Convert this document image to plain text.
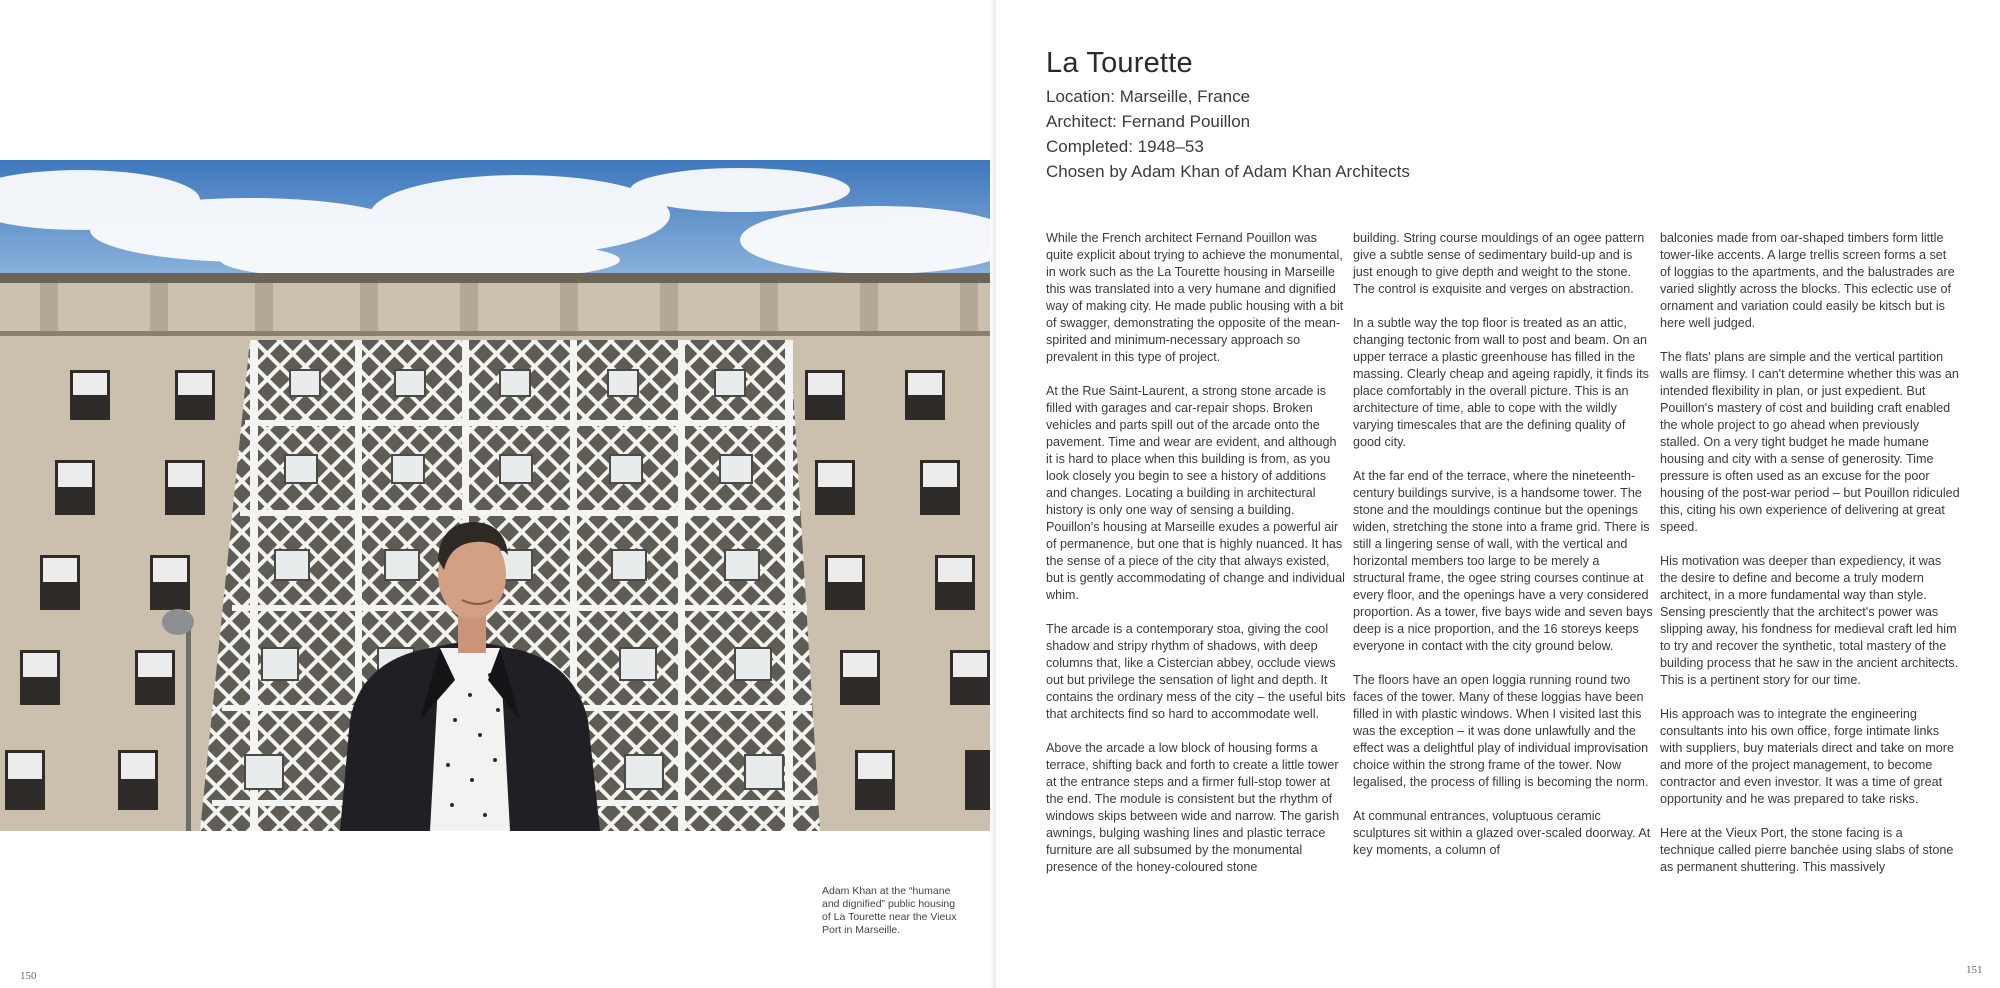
Adam Khan at the “humane and dignified” public housing of La Tourette near the Vieux Port in Marseille.
150
La Tourette
Location: Marseille, France
Architect: Fernand Pouillon
Completed: 1948–53
Chosen by Adam Khan of Adam Khan Architects

While the French architect Fernand Pouillon was quite explicit about trying to achieve the monumental, in work such as the La Tourette housing in Marseille this was translated into a very humane and dignified way of making city. He made public housing with a bit of swagger, demonstrating the opposite of the mean-spirited and minimum-necessary approach so prevalent in this type of project.

At the Rue Saint-Laurent, a strong stone arcade is filled with garages and car-repair shops. Broken vehicles and parts spill out of the arcade onto the pavement. Time and wear are evident, and although it is hard to place when this building is from, as you look closely you begin to see a history of additions and changes. Locating a building in architectural history is only one way of sensing a building. Pouillon's housing at Marseille exudes a powerful air of permanence, but one that is highly nuanced. It has the sense of a piece of the city that always existed, but is gently accommodating of change and individual whim.

The arcade is a contemporary stoa, giving the cool shadow and stripy rhythm of shadows, with deep columns that, like a Cistercian abbey, occlude views out but privilege the sensation of light and depth. It contains the ordinary mess of the city – the useful bits that architects find so hard to accommodate well.

Above the arcade a low block of housing forms a terrace, shifting back and forth to create a little tower at the entrance steps and a firmer full-stop tower at the end. The module is consistent but the rhythm of windows skips between wide and narrow. The garish awnings, bulging washing lines and plastic terrace furniture are all subsumed by the monumental presence of the honey-coloured stone

building. String course mouldings of an ogee pattern give a subtle sense of sedimentary build-up and is just enough to give depth and weight to the stone. The control is exquisite and verges on abstraction.

In a subtle way the top floor is treated as an attic, changing tectonic from wall to post and beam. On an upper terrace a plastic greenhouse has filled in the massing. Clearly cheap and ageing rapidly, it finds its place comfortably in the overall picture. This is an architecture of time, able to cope with the wildly varying timescales that are the defining quality of good city.

At the far end of the terrace, where the nineteenth-century buildings survive, is a handsome tower. The stone and the mouldings continue but the openings widen, stretching the stone into a frame grid. There is still a lingering sense of wall, with the vertical and horizontal members too large to be merely a structural frame, the ogee string courses continue at every floor, and the openings have a very considered proportion. As a tower, five bays wide and seven bays deep is a nice proportion, and the 16 storeys keeps everyone in contact with the city ground below.

The floors have an open loggia running round two faces of the tower. Many of these loggias have been filled in with plastic windows. When I visited last this was the exception – it was done unlawfully and the effect was a delightful play of individual improvisation choice within the strong frame of the tower. Now legalised, the process of filling is becoming the norm.

At communal entrances, voluptuous ceramic sculptures sit within a glazed over-scaled doorway. At key moments, a column of

balconies made from oar-shaped timbers form little tower-like accents. A large trellis screen forms a set of loggias to the apartments, and the balustrades are varied slightly across the blocks. This eclectic use of ornament and variation could easily be kitsch but is here well judged.

The flats' plans are simple and the vertical partition walls are flimsy. I can't determine whether this was an intended flexibility in plan, or just expedient. But Pouillon's mastery of cost and building craft enabled the whole project to go ahead when previously stalled. On a very tight budget he made humane housing and city with a sense of generosity. Time pressure is often used as an excuse for the poor housing of the post-war period – but Pouillon ridiculed this, citing his own experience of delivering at great speed.

His motivation was deeper than expediency, it was the desire to define and become a truly modern architect, in a more fundamental way than style. Sensing presciently that the architect's power was slipping away, his fondness for medieval craft led him to try and recover the synthetic, total mastery of the building process that he saw in the ancient architects. This is a pertinent story for our time.

His approach was to integrate the engineering consultants into his own office, forge intimate links with suppliers, buy materials direct and take on more and more of the project management, to become contractor and even investor. It was a time of great opportunity and he was prepared to take risks.

Here at the Vieux Port, the stone facing is a technique called pierre banchée using slabs of stone as permanent shuttering. This massively

151
